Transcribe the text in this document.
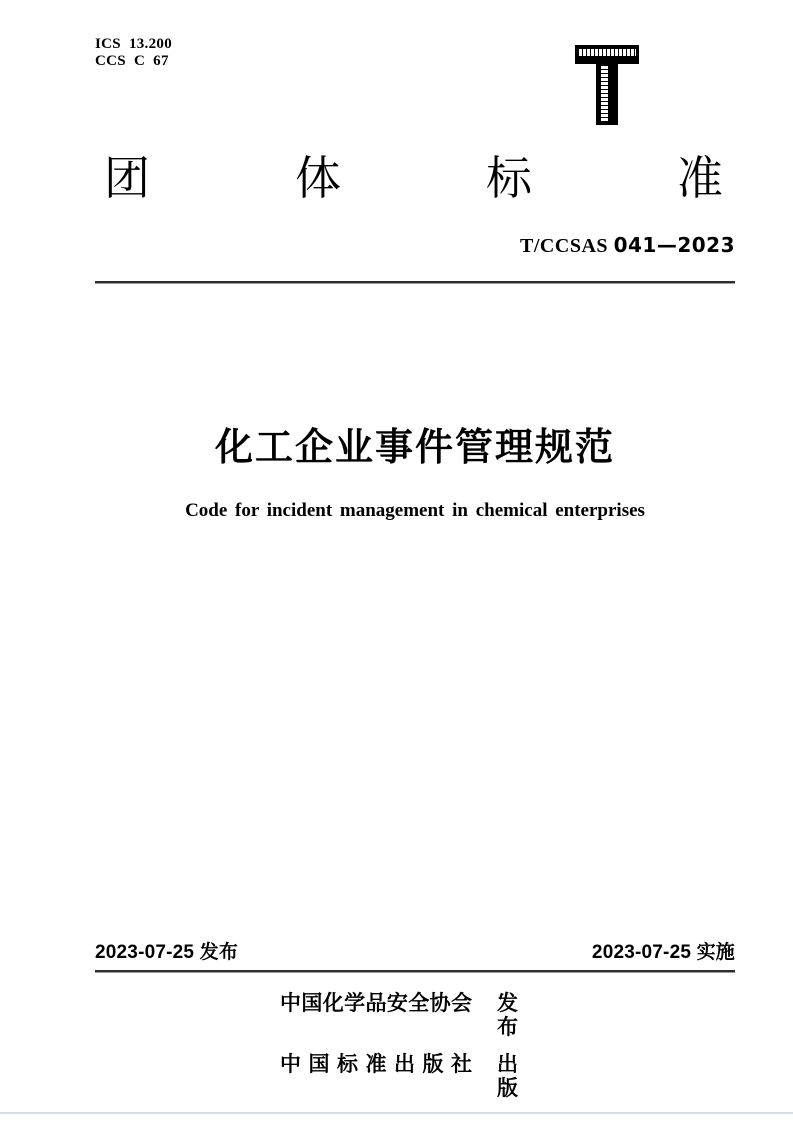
ICS 13.200
CCS C 67
团体标准
T/CCSAS 041—2023
化工企业事件管理规范
Code for incident management in chemical enterprises
2023-07-25 发布	2023-07-25 实施
中国化学品安全协会 发 布
中国标准出版社 出 版
